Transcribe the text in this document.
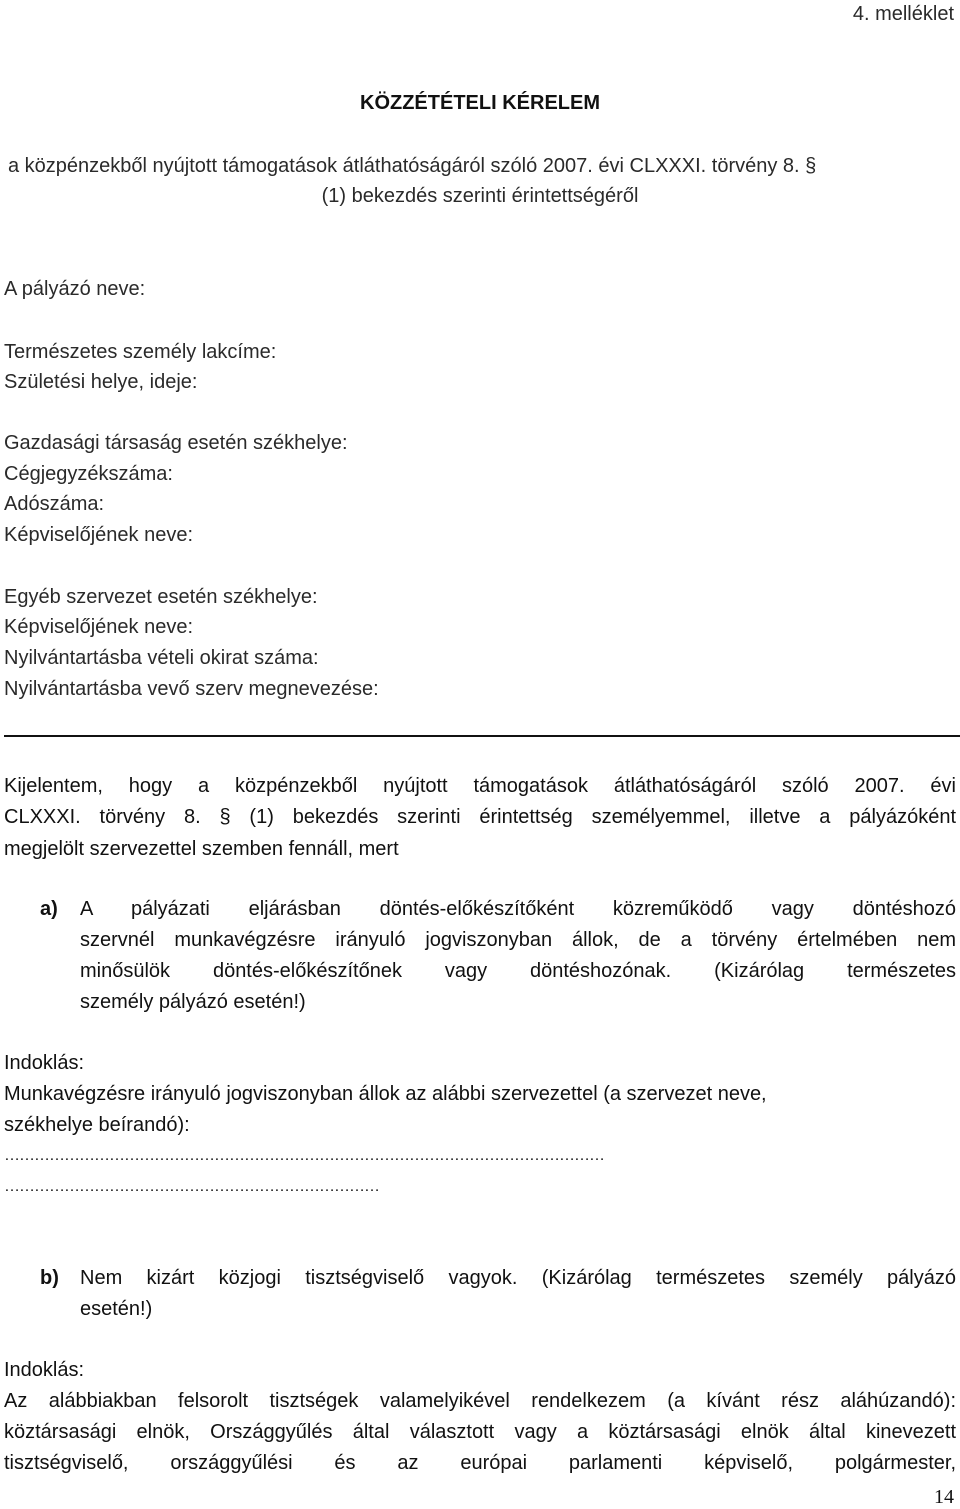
4. melléklet
KÖZZÉTÉTELI KÉRELEM
a közpénzekből nyújtott támogatások átláthatóságáról szóló 2007. évi CLXXXI. törvény 8. §
(1) bekezdés szerinti érintettségéről
A pályázó neve:
Természetes személy lakcíme:
Születési helye, ideje:
Gazdasági társaság esetén székhelye:
Cégjegyzékszáma:
Adószáma:
Képviselőjének neve:
Egyéb szervezet esetén székhelye:
Képviselőjének neve:
Nyilvántartásba vételi okirat száma:
Nyilvántartásba vevő szerv megnevezése:
Kijelentem, hogy a közpénzekből nyújtott támogatások átláthatóságáról szóló 2007. évi
CLXXXI. törvény 8. § (1) bekezdés szerinti érintettség személyemmel, illetve a pályázóként
megjelölt szervezettel szemben fennáll, mert
a) A pályázati eljárásban döntés-előkészítőként közreműködő vagy döntéshozó
szervnél munkavégzésre irányuló jogviszonyban állok, de a törvény értelmében nem
minősülök döntés-előkészítőnek vagy döntéshozónak. (Kizárólag természetes
személy pályázó esetén!)
Indoklás:
Munkavégzésre irányuló jogviszonyban állok az alábbi szervezettel (a szervezet neve,
székhelye beírandó):
…………………………………………………………………………………………………………
…………………………………………………………………
b) Nem kizárt közjogi tisztségviselő vagyok. (Kizárólag természetes személy pályázó
esetén!)
Indoklás:
Az alábbiakban felsorolt tisztségek valamelyikével rendelkezem (a kívánt rész aláhúzandó):
köztársasági elnök, Országgyűlés által választott vagy a köztársasági elnök által kinevezett
tisztségviselő, országgyűlési és az európai parlamenti képviselő, polgármester,
14
